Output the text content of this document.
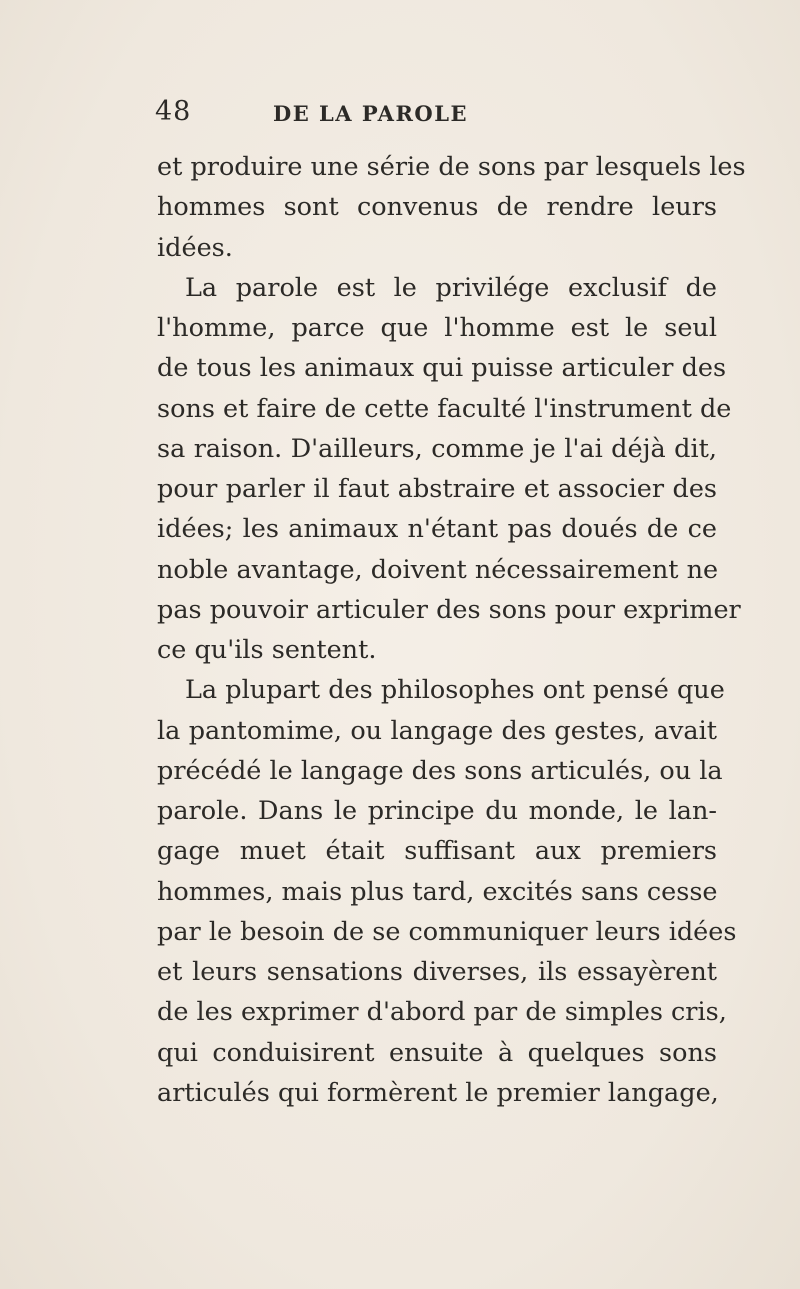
48	DE LA PAROLE
et produire une série de sons par lesquels les
hommes sont convenus de rendre leurs
idées.
La parole est le privilége exclusif de
l'homme, parce que l'homme est le seul
de tous les animaux qui puisse articuler des
sons et faire de cette faculté l'instrument de
sa raison. D'ailleurs, comme je l'ai déjà dit,
pour parler il faut abstraire et associer des
idées; les animaux n'étant pas doués de ce
noble avantage, doivent nécessairement ne
pas pouvoir articuler des sons pour exprimer
ce qu'ils sentent.
La plupart des philosophes ont pensé que
la pantomime, ou langage des gestes, avait
précédé le langage des sons articulés, ou la
parole. Dans le principe du monde, le lan-
gage muet était suffisant aux premiers
hommes, mais plus tard, excités sans cesse
par le besoin de se communiquer leurs idées
et leurs sensations diverses, ils essayèrent
de les exprimer d'abord par de simples cris,
qui conduisirent ensuite à quelques sons
articulés qui formèrent le premier langage,
